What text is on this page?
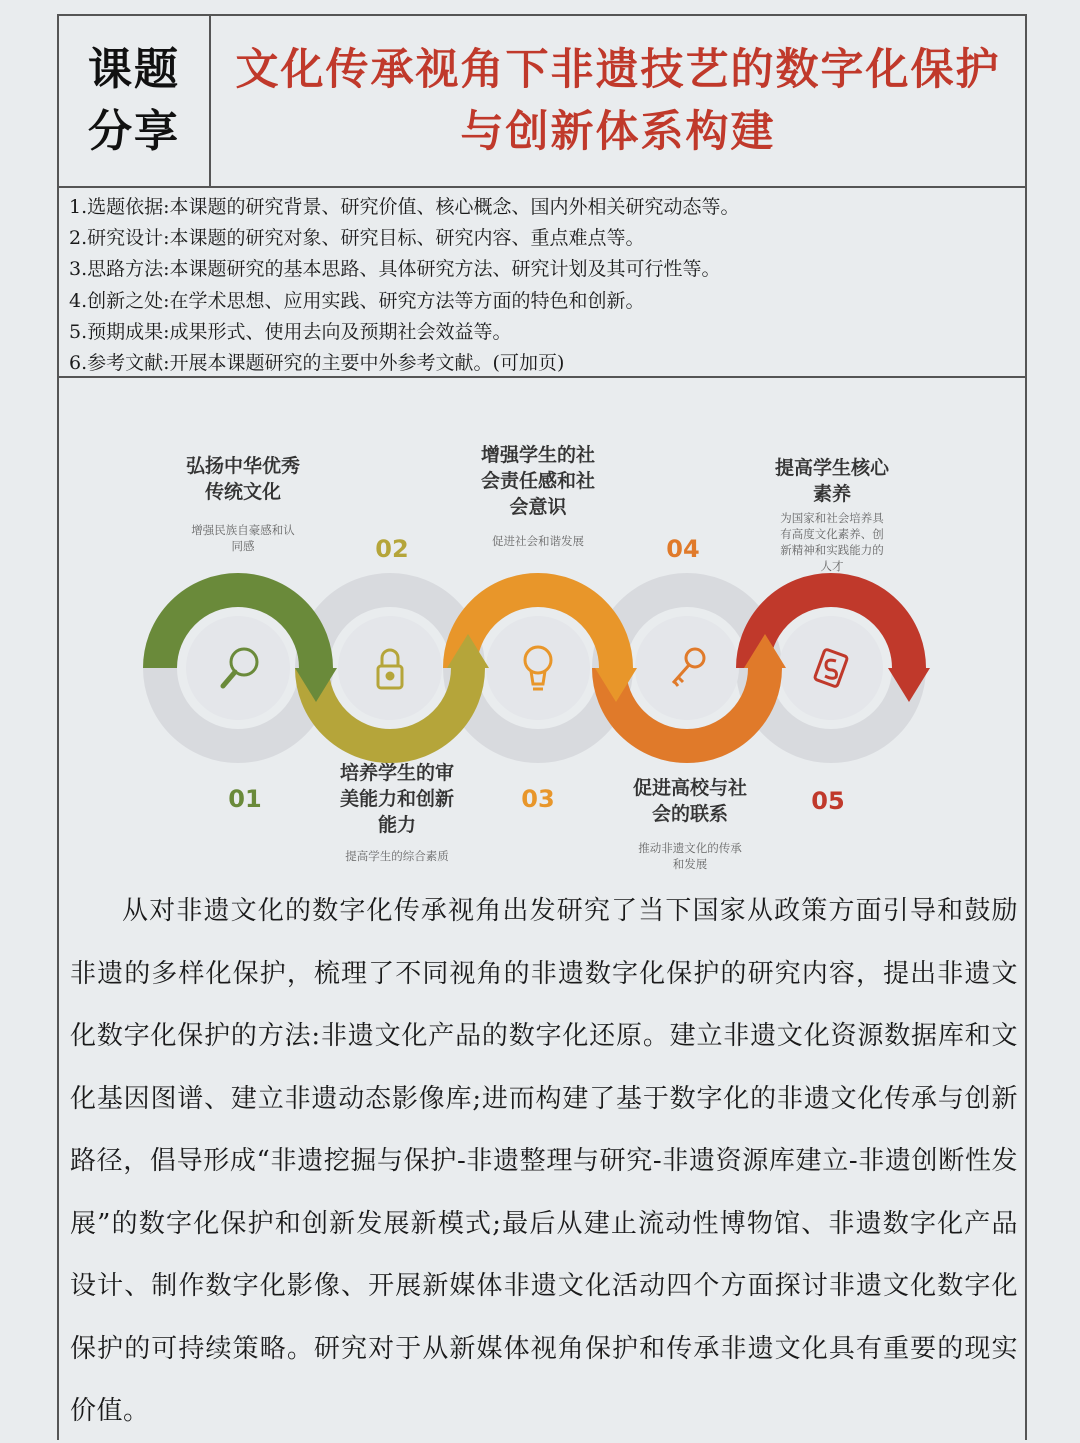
课题
分享
文化传承视角下非遗技艺的数字化保护
与创新体系构建
1.选题依据:本课题的研究背景、研究价值、核心概念、国内外相关研究动态等。
2.研究设计:本课题的研究对象、研究目标、研究内容、重点难点等。
3.思路方法:本课题研究的基本思路、具体研究方法、研究计划及其可行性等。
4.创新之处:在学术思想、应用实践、研究方法等方面的特色和创新。
5.预期成果:成果形式、使用去向及预期社会效益等。
6.参考文献:开展本课题研究的主要中外参考文献。(可加页)
弘扬中华优秀
传统文化
增强民族自豪感和认
同感
01
培养学生的审
美能力和创新
能力
提高学生的综合素质
02
增强学生的社
会责任感和社
会意识
促进社会和谐发展
03	促进高校与社
会的联系
推动非遗文化的传承
和发展
04
提高学生核心
素养
为国家和社会培养具
有高度文化素养、创
新精神和实践能力的
人才
05

从对非遗文化的数字化传承视角出发研究了当下国家从政策方面引导和鼓励非遗的多样化保护，梳理了不同视角的非遗数字化保护的研究内容，提出非遗文化数字化保护的方法:非遗文化产品的数字化还原。建立非遗文化资源数据库和文化基因图谱、建立非遗动态影像库;进而构建了基于数字化的非遗文化传承与创新路径，倡导形成“非遗挖掘与保护-非遗整理与研究-非遗资源库建立-非遗创断性发展”的数字化保护和创新发展新模式;最后从建止流动性博物馆、非遗数字化产品设计、制作数字化影像、开展新媒体非遗文化活动四个方面探讨非遗文化数字化保护的可持续策略。研究对于从新媒体视角保护和传承非遗文化具有重要的现实价值。
